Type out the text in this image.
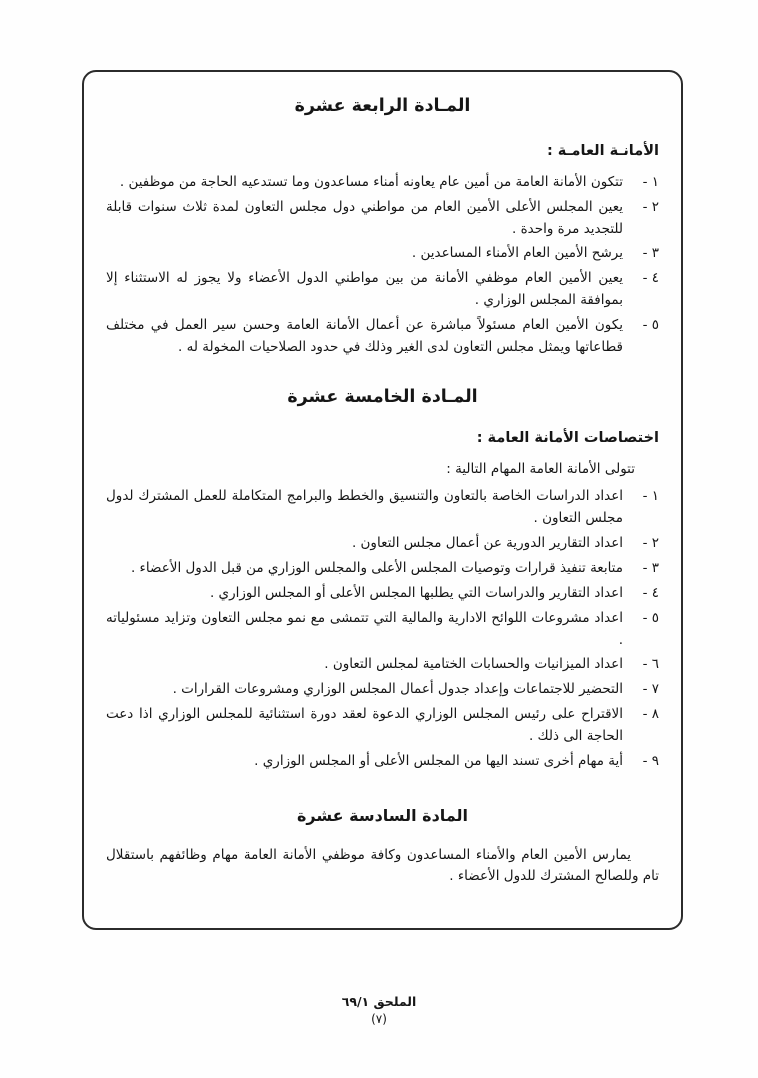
المـادة الرابعة عشرة

الأمانـة العامـة :

١ -
تتكون الأمانة العامة من أمين عام يعاونه أمناء مساعدون وما تستدعيه الحاجة من موظفين .
٢ -
يعين المجلس الأعلى الأمين العام من مواطني دول مجلس التعاون لمدة ثلاث سنوات قابلة للتجديد مرة واحدة .
٣ -
يرشح الأمين العام الأمناء المساعدين .
٤ -
يعين الأمين العام موظفي الأمانة من بين مواطني الدول الأعضاء ولا يجوز له الاستثناء إلا بموافقة المجلس الوزاري .
٥ -
يكون الأمين العام مسئولاً مباشرة عن أعمال الأمانة العامة وحسن سير العمل في مختلف قطاعاتها ويمثل مجلس التعاون لدى الغير وذلك في حدود الصلاحيات المخولة له .
المـادة الخامسة عشرة

اختصاصات الأمانة العامة :

تتولى الأمانة العامة المهام التالية :

١ -
اعداد الدراسات الخاصة بالتعاون والتنسيق والخطط والبرامج المتكاملة للعمل المشترك لدول مجلس التعاون .
٢ -
اعداد التقارير الدورية عن أعمال مجلس التعاون .
٣ -
متابعة تنفيذ قرارات وتوصيات المجلس الأعلى والمجلس الوزاري من قبل الدول الأعضاء .
٤ -
اعداد التقارير والدراسات التي يطلبها المجلس الأعلى أو المجلس الوزاري .
٥ -
اعداد مشروعات اللوائح الادارية والمالية التي تتمشى مع نمو مجلس التعاون وتزايد مسئولياته .
٦ -
اعداد الميزانيات والحسابات الختامية لمجلس التعاون .
٧ -
التحضير للاجتماعات وإعداد جدول أعمال المجلس الوزاري ومشروعات القرارات .
٨ -
الاقتراح على رئيس المجلس الوزاري الدعوة لعقد دورة استثنائية للمجلس الوزاري اذا دعت الحاجة الى ذلك .
٩ -
أية مهام أخرى تسند اليها من المجلس الأعلى أو المجلس الوزاري .
المادة السادسة عشرة

يمارس الأمين العام والأمناء المساعدون وكافة موظفي الأمانة العامة مهام وظائفهم باستقلال تام وللصالح المشترك للدول الأعضاء .

الملحق ٦٩/١
(٧)
